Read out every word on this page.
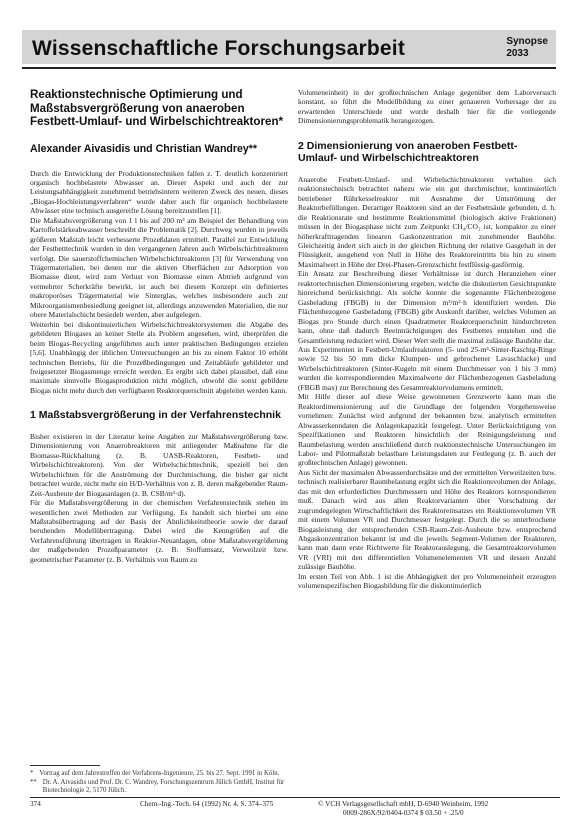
Wissenschaftliche Forschungsarbeit	Synopse
2033
Reaktionstechnische Optimierung und Maßstabsvergrößerung von anaeroben Festbett-Umlauf- und Wirbelschichtreaktoren*
Alexander Aivasidis und Christian Wandrey**

Durch die Entwicklung der Produktionstechniken fallen z. T. deutlich konzentriert organisch hochbelastete Abwasser an. Dieser Aspekt und auch der zur Leistungsabhängigkeit zunehmend betriebsintern weiteren Zweck des neuen, dieses „Biogas-Hochleistungsverfahren“ wurde daher auch für organisch hochbelastete Abwässer eine technisch ausgereifte Lösung bereitzustellen [1].

Die Maßstabsvergrößerung von 1 l bis auf 200 m³ am Beispiel der Behandlung von Kartoffelstärkeabwasser beschreibt die Problematik [2]. Durchweg wurden in jeweils größeren Maßstab leicht verbesserte Prozeßdaten ermittelt. Parallel zur Entwicklung der Festbetttechnik wurden in den vergangenen Jahren auch Wirbelschichtreaktoren verfolgt. Die sauerstoffchemischen Wirbelschichtreaktoren [3] für Verwendung von Trägermaterialien, bei denen nur die aktiven Oberflächen zur Adsorption von Biomasse dient, wird zum Verlust von Biomasse einen Abtrieb aufgrund von vermehrter Scherkräfte bewirkt, ist auch bei diesem Konzept ein definiertes makroporöses Trägermaterial wie Sinterglas, welches insbesondere auch zur Mikroorganismenbesiedlung geeignet ist, allerdings anzuwenden Materialien, die nur obere Materialschicht besiedelt werden, aber aufgelegen.

Weiterhin bei diskontinuierlichen Wirbelschichtreaktorsystemen die Abgabe des gebildeten Biogases an keiner Stelle als Problem angesehen, wird, überprüfen die beim Biogas-Recycling angeführten auch unter praktischen Bedingungen erzielen [5,6]. Unabhängig der üblichen Untersuchungen an bis zu einem Faktor 10 erhöht technischen Betriebs, für die Prozeßbedingungen und Zeitabläufe gebildeter und freigesetzter Biogasmenge erreicht werden. Es ergibt sich dabei plausibel, daß eine maximale sinnvolle Biogasproduktion nicht möglich, obwohl die sonst gebildete Biogas nicht mehr durch den verfügbaren Reaktorquerschnitt abgeleitet werden kann.

1 Maßstabsvergrößerung in der Verfahrenstechnik

Bisher existieren in der Literatur keine Angaben zur Maßstabsvergrößerung bzw. Dimensionierung von Anaerobreaktoren mit anliegender Maßnahme für die Biomasse-Rückhaltung (z. B. UASB-Reaktoren, Festbett- und Wirbelschichtreaktoren). Von der Wirbelschichttechnik, speziell bei den Wirbelschichten für die Anströmung der Durchmischung, die bisher gar nicht betrachtet wurde, nicht mehr ein H/D-Verhältnis von z. B. deren maßgebender Raum-Zeit-Ausbeute der Biogasanlagen (z. B. CSB/m³·d).

Für die Maßstabsvergrößerung in der chemischen Verfahrenstechnik stehen im wesentlichen zwei Methoden zur Verfügung. Es handelt sich hierbei um eine Maßstabsübertragung auf der Basis der Ähnlichkeitstheorie sowie der darauf beruhenden Modellübertragung. Dabei wird die Kenngrößen auf die Verfahrensführung übertragen in Reaktor-Neuanlagen, ohne Maßstabsvergrößerung der maßgebenden Prozeßparameter (z. B. Stoffumsatz, Verweilzeit bzw. geometrischer Parameter (z. B. Verhältnis von Raum zu

Volumeneinheit) in der großtechnischen Anlage gegenüber dem Laborversuch konstant, so führt die Modellbildung zu einer genaueren Vorhersage der zu erwartenden Unterschiede und wurde deshalb hier für die vorliegende Dimensionierungsproblematik herangezogen.

2 Dimensionierung von anaeroben Festbett-Umlauf- und Wirbelschichtreaktoren

Anaerobe Festbett-Umlauf- und Wirbelschichtreaktoren verhalten sich reaktionstechnisch betrachtet nahezu wie ein gut durchmischter, kontinuierlich betriebener Rührkesselreaktor mit Ausnahme der Umströmung der Reaktorbefüllungen. Derartiger Reaktoren sind an der Festbettsäule gebunden, d. h. die Reaktionsrate und bestimmte Reaktionsmittel (biologisch aktive Fraktionen) müssen in der Biogasphase nicht zum Zeitpunkt CH₄/CO₂ ist, kompakter zu einer höherkrafttragenden linearen Gaskonzentration mit zunehmender Bauhöhe. Gleichzeitig ändert sich auch in der gleichen Richtung der relative Gasgehalt in der Flüssigkeit, ausgehend von Null in Höhe des Reaktoreintritts bis hin zu einem Maximalwert in Höhe der Drei-Phasen-Grenzschicht festflüssig-gasförmig.

Ein Ansatz zur Beschreibung dieser Verhältnisse ist durch Heranziehen einer reaktortechnischen Dimensionierung ergeben, welche die diskutierten Gesichtspunkte hinreichend berücksichtigt. Als solche konnte die sogenannte Flächenbezogene Gasbeladung (FBGB) in der Dimension m³/m²·h identifiziert werden. Die Flächenbezogene Gasbeladung (FBGB) gibt Auskunft darüber, welches Volumen an Biogas pro Stunde durch einen Quadratmeter Reaktorquerschnitt hindurchtreten kann, ohne daß dadurch Beeinträchtigungen des Festbettes entstehen und die Gesamtleistung reduziert wird. Dieser Wert stellt die maximal zulässige Bauhöhe dar.

Aus Experimenten in Festbett-Umlaufreaktoren (5- und 25-m³-Sinter-Raschig-Ringe sowie 52 bis 50 mm dicke Klumpen- und gebrochener Lavaschlacke) und Wirbelschichtreaktoren (Sinter-Kugeln mit einem Durchmesser von 1 bis 3 mm) wurden die korrespondierenden Maximalwerte der Flächenbezogenen Gasbeladung (FBGB max) zur Berechnung des Gesamtreaktorvolumens ermittelt.

Mit Hilfe dieser auf diese Weise gewonnenen Grenzwerte kann man die Reaktordimensionierung auf die Grundlage der folgenden Vorgehensweise vornehmen: Zunächst wird aufgrund der bekannten bzw. analytisch ermittelten Abwasserkenndaten die Anlagenkapazität festgelegt. Unter Berücksichtigung von Spezifikationen und Reaktoren hinsichtlich der Reinigungsleistung und Raumbelastung werden anschließend durch reaktionstechnische Untersuchungen im Labor- und Pilotmaßstab belastbare Leistungsdaten zur Festlegung (z. B. auch der großtechnischen Anlage) gewonnen.

Aus Sicht der maximalen Abwasserdurchsätze und der ermittelten Verweilzeiten bzw. technisch realisierbarer Raumbelastung ergibt sich die Reaktionsvolumen der Anlage, das mit den erforderlichen Durchmessern und Höhe des Reaktors korrespondieren muß. Danach wird aus allen Reaktorvarianten über Vorschaltung der zugrundegelegten Wirtschaftlichkeit des Reaktoreinsatzes ein Reaktionsvolumen VR mit einem Volumen VR und Durchmesser festgelegt. Durch die so unterbrochene Biogasleistung der entsprechenden CSB-Raum-Zeit-Ausbeute bzw. entsprechend Abgaskonzentration bekannt ist und die jeweils Segment-Volumen der Reaktoren, kann man dann erste Richtwerte für Reaktorauslegung, die Gesamtreaktorvolumen VR (VRI) mit den differentiellen Volumenelementen VR und dessen Anzahl zulässige Bauhöhe.

Im ersten Teil von Abb. 1 ist die Abhängigkeit der pro Volumeneinheit erzeugten volumenspezifischen Biogasbildung für die diskontinuierlich

* Vortrag auf dem Jahrestreffen der Verfahrens-Ingenieure, 25. bis 27. Sept. 1991 in Köln.
** Dr. A. Aivasidis und Prof. Dr. C. Wandrey, Forschungszentrum Jülich GmbH, Institut für Biotechnologie 2, 5170 Jülich.
374	Chem.-Ing.-Tech. 64 (1992) Nr. 4, S. 374–375	© VCH Verlagsgesellschaft mbH, D-6940 Weinheim, 1992
0009-286X/92/0404-0374 $ 03.50 + .25/0
